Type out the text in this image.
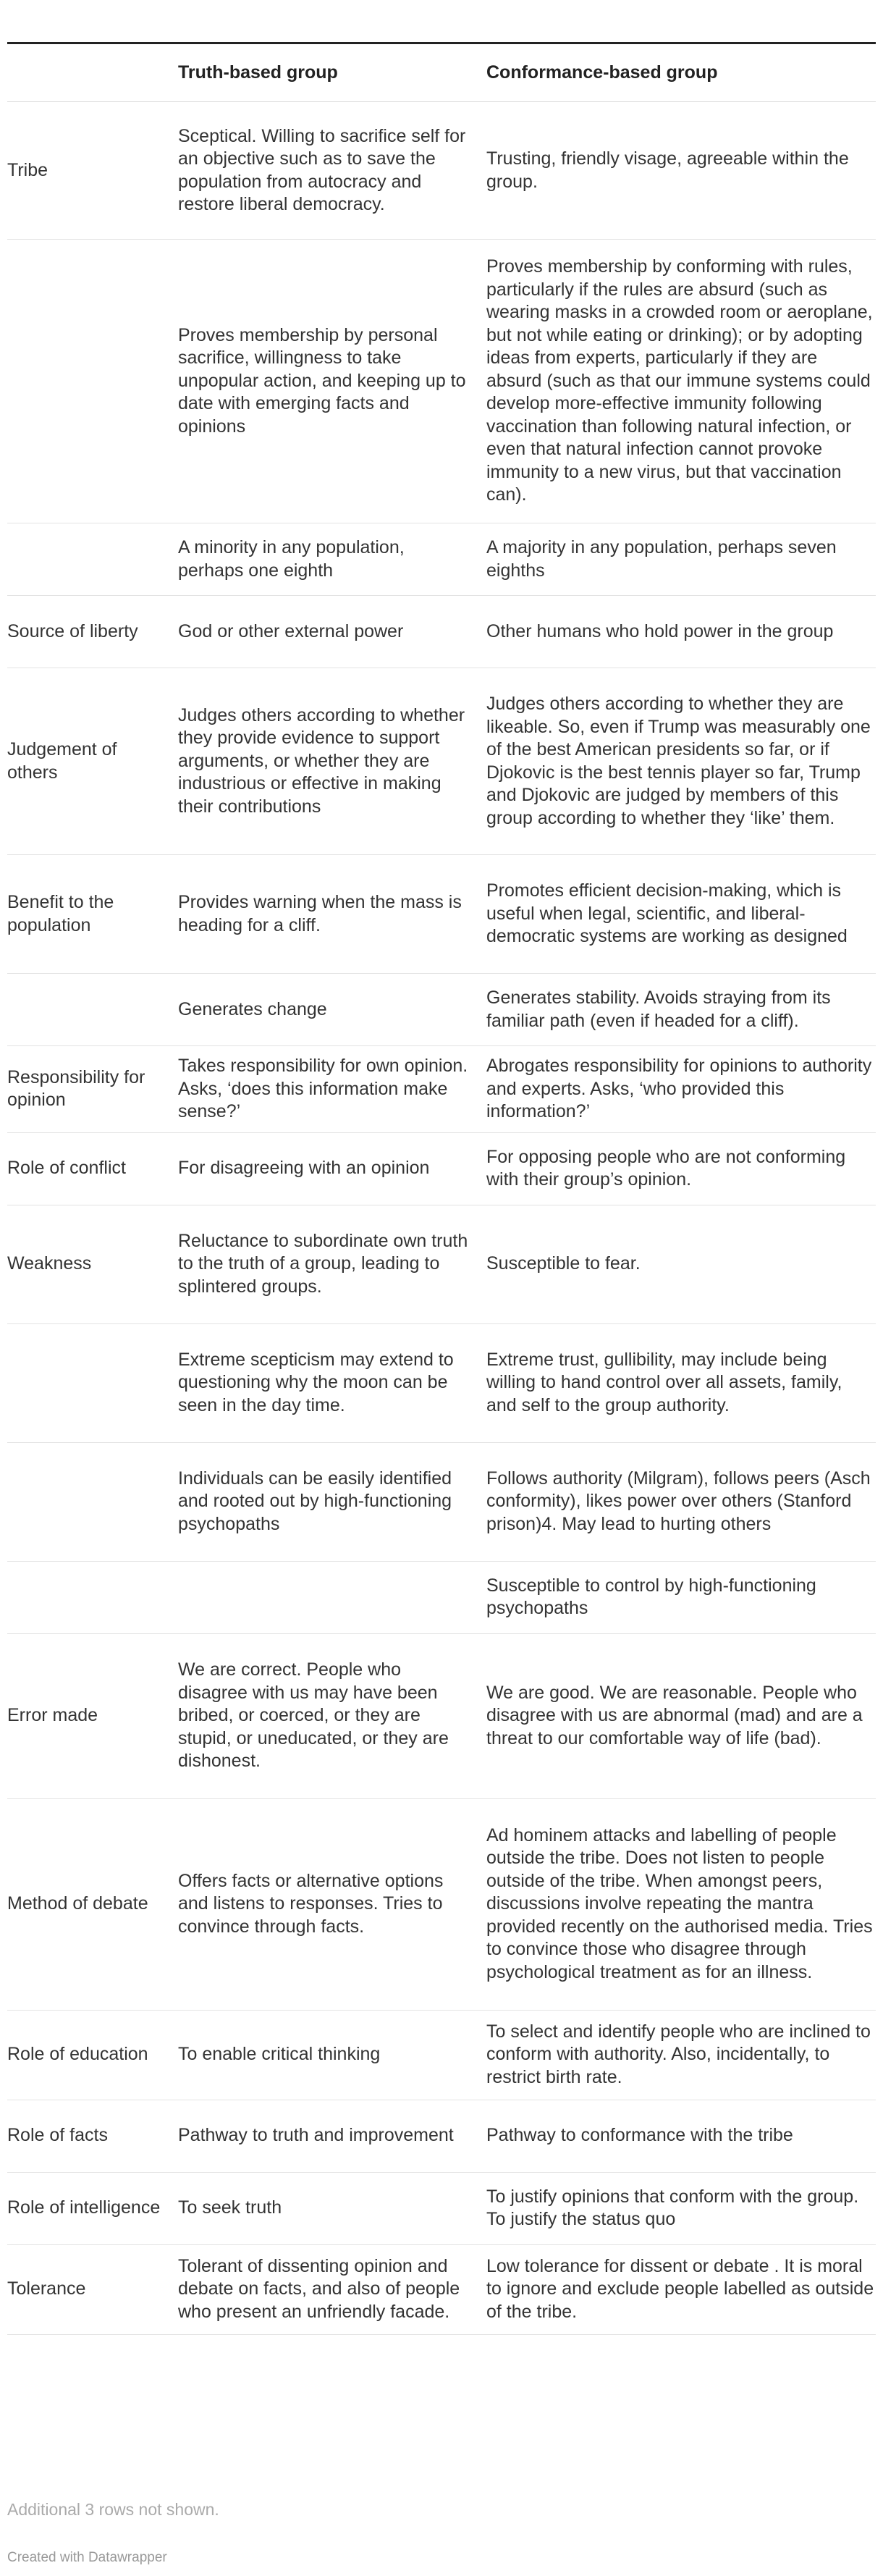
	Truth-based group	Conformance-based group
Tribe	Sceptical. Willing to sacrifice self for an objective such as to save the population from autocracy and restore liberal democracy.	Trusting, friendly visage, agreeable within the group.
	Proves membership by personal sacrifice, willingness to take unpopular action, and keeping up to date with emerging facts and opinions	Proves membership by conforming with rules, particularly if the rules are absurd (such as wearing masks in a crowded room or aeroplane, but not while eating or drinking); or by adopting ideas from experts, particularly if they are absurd (such as that our immune systems could develop more-effective immunity following vaccination than following natural infection, or even that natural infection cannot provoke immunity to a new virus, but that vaccination can).
	A minority in any population, perhaps one eighth	A majority in any population, perhaps seven eighths
Source of liberty	God or other external power	Other humans who hold power in the group
Judgement of others	Judges others according to whether they provide evidence to support arguments, or whether they are industrious or effective in making their contributions	Judges others according to whether they are likeable. So, even if Trump was measurably one of the best American presidents so far, or if Djokovic is the best tennis player so far, Trump and Djokovic are judged by members of this group according to whether they ‘like’ them.
Benefit to the population	Provides warning when the mass is heading for a cliff.	Promotes efficient decision-making, which is useful when legal, scientific, and liberal-democratic systems are working as designed
	Generates change	Generates stability. Avoids straying from its familiar path (even if headed for a cliff).
Responsibility for opinion	Takes responsibility for own opinion. Asks, ‘does this information make sense?’	Abrogates responsibility for opinions to authority and experts. Asks, ‘who provided this information?’
Role of conflict	For disagreeing with an opinion	For opposing people who are not conforming with their group’s opinion.
Weakness	Reluctance to subordinate own truth to the truth of a group, leading to splintered groups.	Susceptible to fear.
	Extreme scepticism may extend to questioning why the moon can be seen in the day time.	Extreme trust, gullibility, may include being willing to hand control over all assets, family, and self to the group authority.
	Individuals can be easily identified and rooted out by high-functioning psychopaths	Follows authority (Milgram), follows peers (Asch conformity), likes power over others (Stanford prison)4. May lead to hurting others
		Susceptible to control by high-functioning psychopaths
Error made	We are correct. People who disagree with us may have been bribed, or coerced, or they are stupid, or uneducated, or they are dishonest.	We are good. We are reasonable. People who disagree with us are abnormal (mad) and are a threat to our comfortable way of life (bad).
Method of debate	Offers facts or alternative options and listens to responses. Tries to convince through facts.	Ad hominem attacks and labelling of people outside the tribe. Does not listen to people outside of the tribe. When amongst peers, discussions involve repeating the mantra provided recently on the authorised media. Tries to convince those who disagree through psychological treatment as for an illness.
Role of education	To enable critical thinking	To select and identify people who are inclined to conform with authority. Also, incidentally, to restrict birth rate.
Role of facts	Pathway to truth and improvement	Pathway to conformance with the tribe
Role of intelligence	To seek truth	To justify opinions that conform with the group. To justify the status quo
Tolerance	Tolerant of dissenting opinion and debate on facts, and also of people who present an unfriendly facade.	Low tolerance for dissent or debate . It is moral to ignore and exclude people labelled as outside of the tribe.
Additional 3 rows not shown.
Created with Datawrapper
